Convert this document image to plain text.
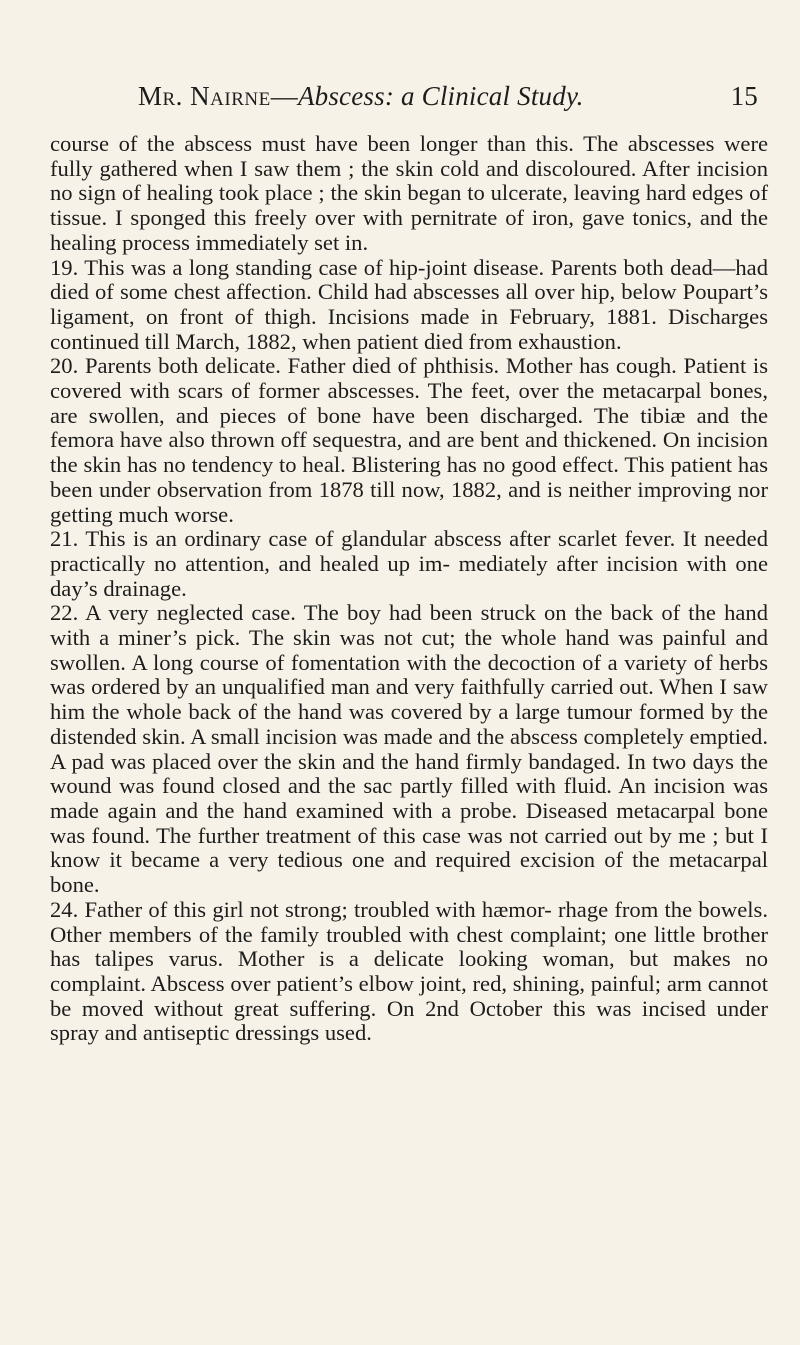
Mr. Nairne—Abscess: a Clinical Study.	15

course of the abscess must have been longer than this. The abscesses were fully gathered when I saw them ; the skin cold and discoloured. After incision no sign of healing took place ; the skin began to ulcerate, leaving hard edges of tissue. I sponged this freely over with pernitrate of iron, gave tonics, and the healing process immediately set in.

19. This was a long standing case of hip-joint disease. Parents both dead—had died of some chest affection. Child had abscesses all over hip, below Poupart’s ligament, on front of thigh. Incisions made in February, 1881. Discharges continued till March, 1882, when patient died from exhaustion.

20. Parents both delicate. Father died of phthisis. Mother has cough. Patient is covered with scars of former abscesses. The feet, over the metacarpal bones, are swollen, and pieces of bone have been discharged. The tibiæ and the femora have also thrown off sequestra, and are bent and thickened. On incision the skin has no tendency to heal. Blistering has no good effect. This patient has been under observation from 1878 till now, 1882, and is neither improving nor getting much worse.

21. This is an ordinary case of glandular abscess after scarlet fever. It needed practically no attention, and healed up im- mediately after incision with one day’s drainage.

22. A very neglected case. The boy had been struck on the back of the hand with a miner’s pick. The skin was not cut; the whole hand was painful and swollen. A long course of fomentation with the decoction of a variety of herbs was ordered by an unqualified man and very faithfully carried out. When I saw him the whole back of the hand was covered by a large tumour formed by the distended skin. A small incision was made and the abscess completely emptied. A pad was placed over the skin and the hand firmly bandaged. In two days the wound was found closed and the sac partly filled with fluid. An incision was made again and the hand examined with a probe. Diseased metacarpal bone was found. The further treatment of this case was not carried out by me ; but I know it became a very tedious one and required excision of the metacarpal bone.

24. Father of this girl not strong; troubled with hæmor- rhage from the bowels. Other members of the family troubled with chest complaint; one little brother has talipes varus. Mother is a delicate looking woman, but makes no complaint. Abscess over patient’s elbow joint, red, shining, painful; arm cannot be moved without great suffering. On 2nd October this was incised under spray and antiseptic dressings used.
